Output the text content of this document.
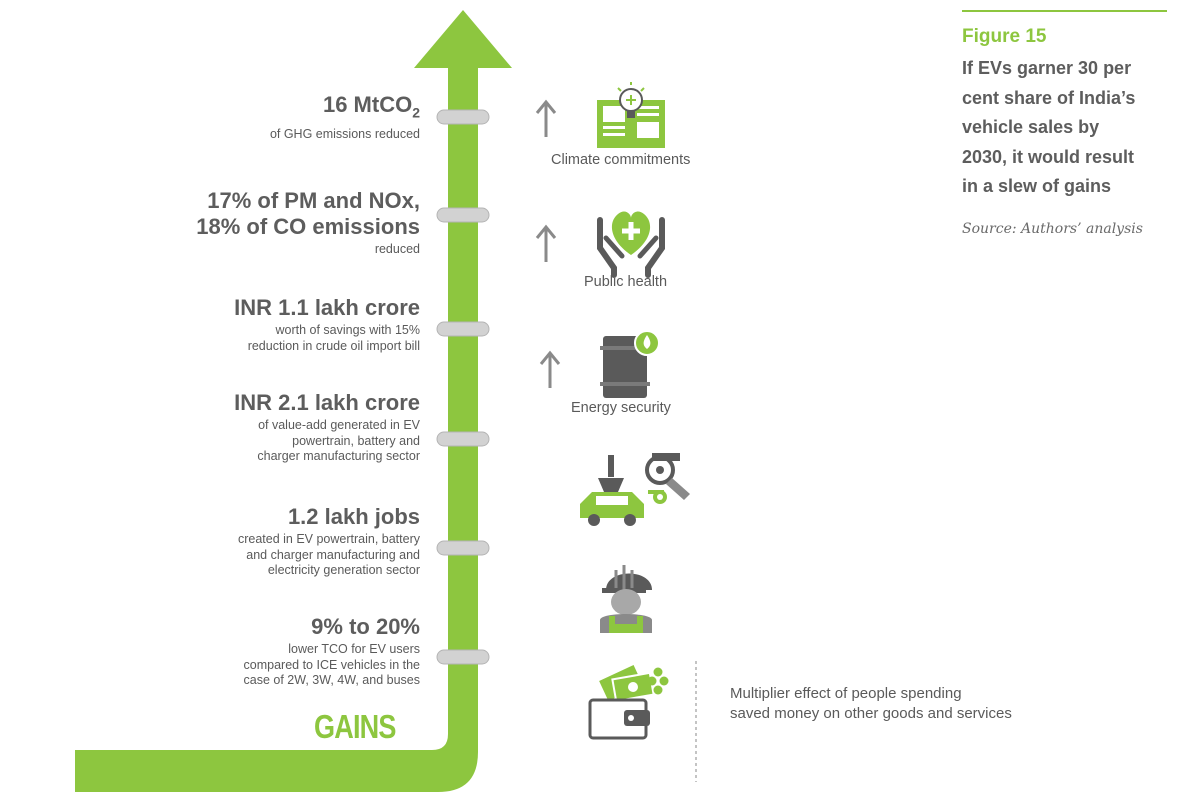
16 MtCO$_2$
of GHG emissions reduced
17% of PM and NOx,
18% of CO emissions
reduced
INR 1.1 lakh crore
worth of savings with 15%
reduction in crude oil import bill
INR 2.1 lakh crore
of value-add generated in EV
powertrain, battery and
charger manufacturing sector
1.2 lakh jobs
created in EV powertrain, battery
and charger manufacturing and
electricity generation sector
9% to 20%
lower TCO for EV users
compared to ICE vehicles in the
case of 2W, 3W, 4W, and buses
GAINS
Climate commitments
Public health
Energy security
Multiplier effect of people spending
saved money on other goods and services
Figure 15
If EVs garner 30 per
cent share of India’s
vehicle sales by
2030, it would result
in a slew of gains
Source: Authors’ analysis
